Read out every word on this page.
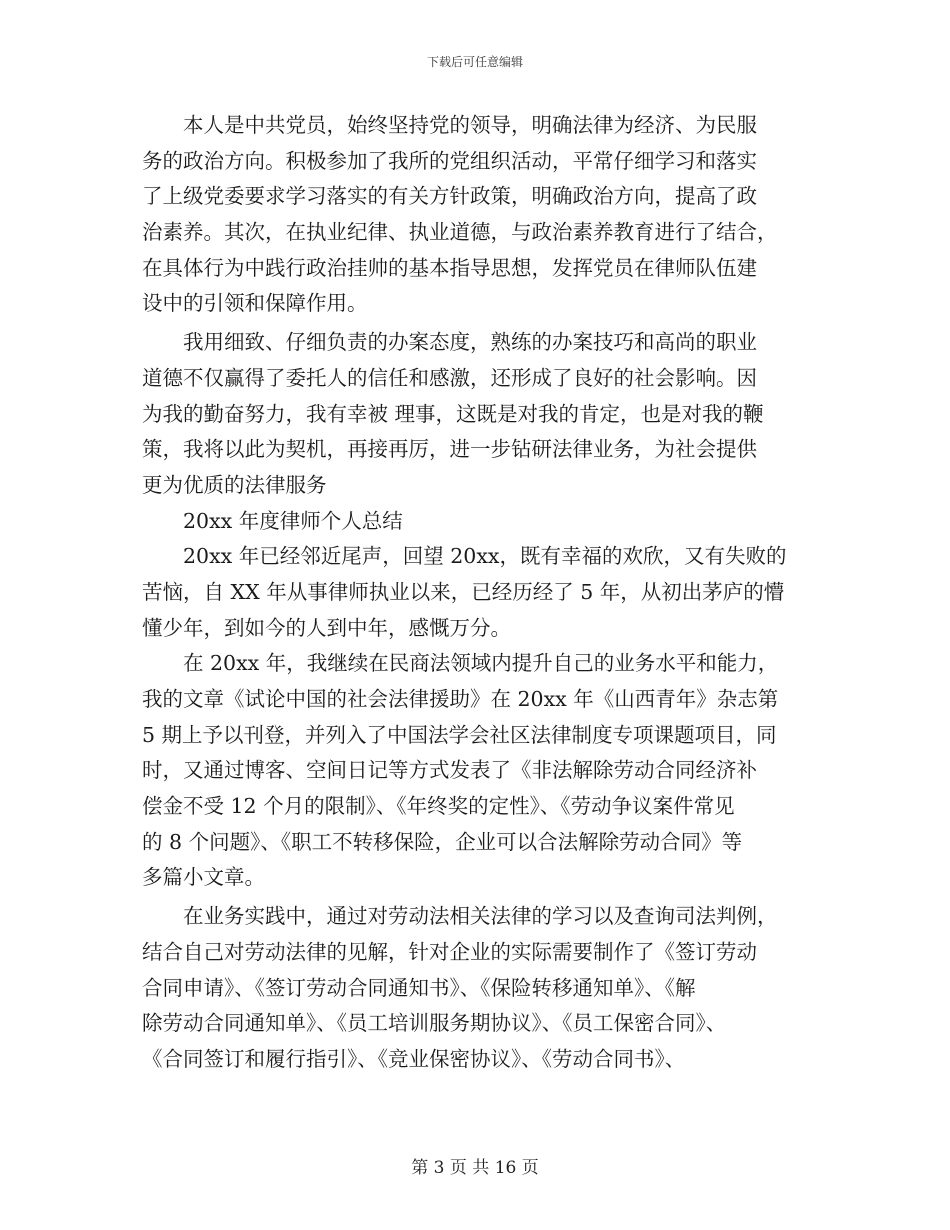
下载后可任意编辑
　　本人是中共党员，始终坚持党的领导，明确法律为经济、为民服
务的政治方向。积极参加了我所的党组织活动，平常仔细学习和落实
了上级党委要求学习落实的有关方针政策，明确政治方向，提高了政
治素养。其次，在执业纪律、执业道德，与政治素养教育进行了结合，
在具体行为中践行政治挂帅的基本指导思想，发挥党员在律师队伍建
设中的引领和保障作用。
　　我用细致、仔细负责的办案态度，熟练的办案技巧和高尚的职业
道德不仅赢得了委托人的信任和感激，还形成了良好的社会影响。因
为我的勤奋努力，我有幸被 理事，这既是对我的肯定，也是对我的鞭
策，我将以此为契机，再接再厉，进一步钻研法律业务，为社会提供
更为优质的法律服务
　　20xx 年度律师个人总结
　　20xx 年已经邻近尾声，回望 20xx，既有幸福的欢欣，又有失败的
苦恼，自 XX 年从事律师执业以来，已经历经了 5 年，从初出茅庐的懵
懂少年，到如今的人到中年，感慨万分。
　　在 20xx 年，我继续在民商法领域内提升自己的业务水平和能力，
我的文章《试论中国的社会法律援助》在 20xx 年《山西青年》杂志第
5 期上予以刊登，并列入了中国法学会社区法律制度专项课题项目，同
时，又通过博客、空间日记等方式发表了《非法解除劳动合同经济补
偿金不受 12 个月的限制》、《年终奖的定性》、《劳动争议案件常见
的 8 个问题》、《职工不转移保险，企业可以合法解除劳动合同》等
多篇小文章。
　　在业务实践中，通过对劳动法相关法律的学习以及查询司法判例，
结合自己对劳动法律的见解，针对企业的实际需要制作了《签订劳动
合同申请》、《签订劳动合同通知书》、《保险转移通知单》、《解
除劳动合同通知单》、《员工培训服务期协议》、《员工保密合同》、
《合同签订和履行指引》、《竞业保密协议》、《劳动合同书》、
第 3 页 共 16 页
